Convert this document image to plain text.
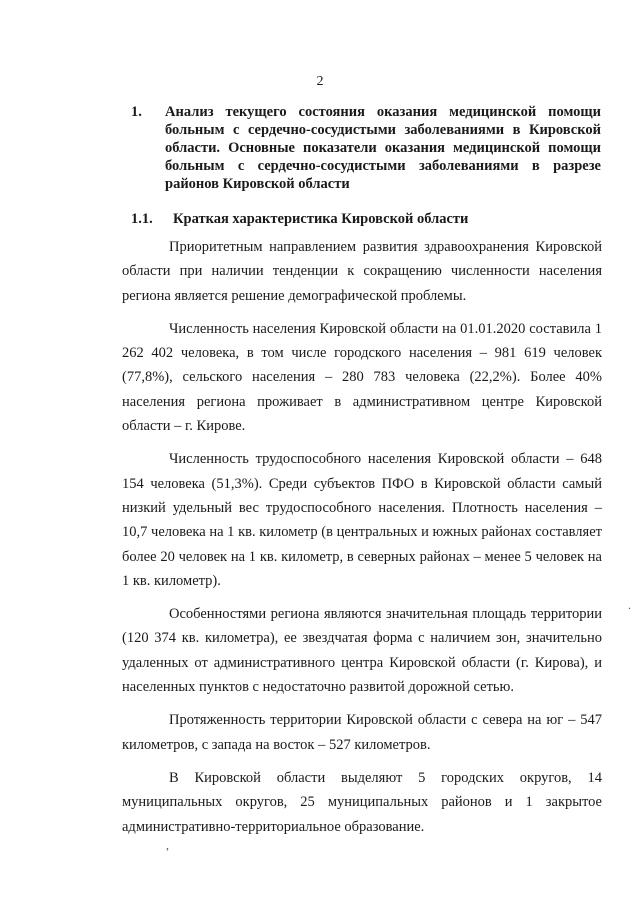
2
1.	Анализ текущего состояния оказания медицинской помощи больным с сердечно-сосудистыми заболеваниями в Кировской области. Основные показатели оказания медицинской помощи больным с сердечно-сосудистыми заболеваниями в разрезе районов Кировской области
1.1.	Краткая характеристика Кировской области

Приоритетным направлением развития здравоохранения Кировской области при наличии тенденции к сокращению численности населения региона является решение демографической проблемы.

Численность населения Кировской области на 01.01.2020 составила 1 262 402 человека, в том числе городского населения – 981 619 человек (77,8%), сельского населения – 280 783 человека (22,2%). Более 40% населения региона проживает в административном центре Кировской области – г. Кирове.

Численность трудоспособного населения Кировской области – 648 154 человека (51,3%). Среди субъектов ПФО в Кировской области самый низкий удельный вес трудоспособного населения. Плотность населения – 10,7 человека на 1 кв. километр (в центральных и южных районах составляет более 20 человек на 1 кв. километр, в северных районах – менее 5 человек на 1 кв. километр).

Особенностями региона являются значительная площадь территории (120 374 кв. километра), ее звездчатая форма с наличием зон, значительно удаленных от административного центра Кировской области (г. Кирова), и населенных пунктов с недостаточно развитой дорожной сетью.

Протяженность территории Кировской области с севера на юг – 547 километров, с запада на восток – 527 километров.

В Кировской области выделяют 5 городских округов, 14 муниципальных округов, 25 муниципальных районов и 1 закрытое административно-территориальное образование.

,
.
